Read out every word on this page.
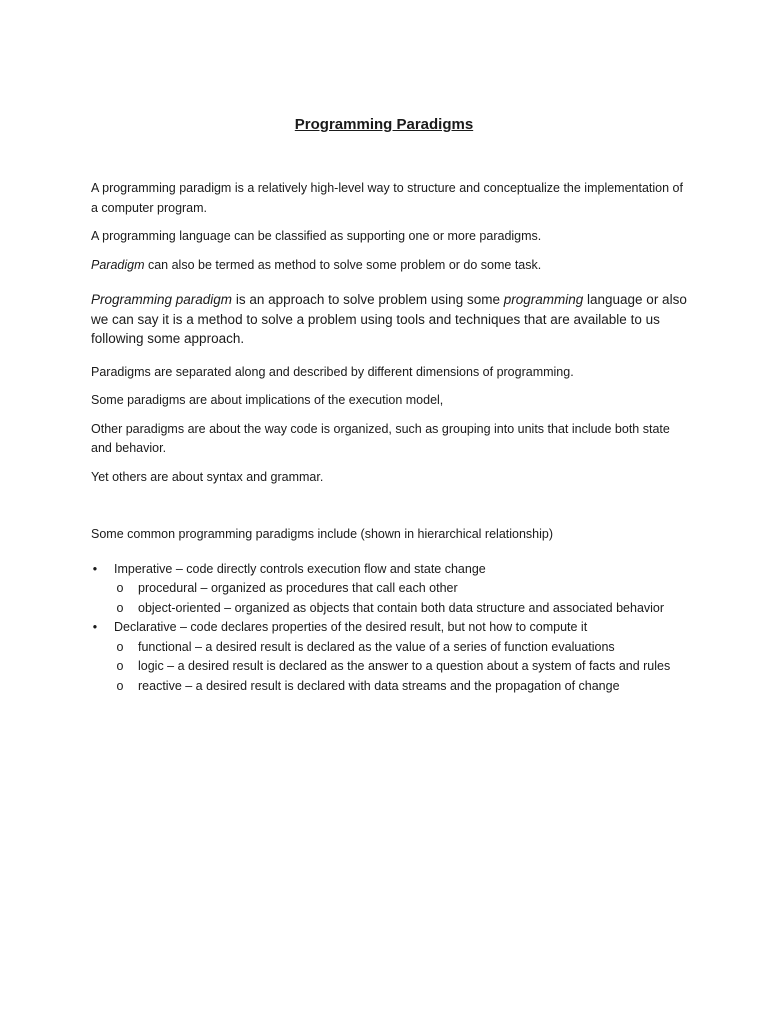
Programming Paradigms

A programming paradigm is a relatively high-level way to structure and conceptualize the implementation of a computer program.

A programming language can be classified as supporting one or more paradigms.

Paradigm can also be termed as method to solve some problem or do some task.

Programming paradigm is an approach to solve problem using some programming language or also we can say it is a method to solve a problem using tools and techniques that are available to us following some approach.

Paradigms are separated along and described by different dimensions of programming.

Some paradigms are about implications of the execution model,

Other paradigms are about the way code is organized, such as grouping into units that include both state and behavior.

Yet others are about syntax and grammar.

Some common programming paradigms include (shown in hierarchical relationship)

• Imperative – code directly controls execution flow and state change
o procedural – organized as procedures that call each other
o object-oriented – organized as objects that contain both data structure and associated behavior
• Declarative – code declares properties of the desired result, but not how to compute it
o functional – a desired result is declared as the value of a series of function evaluations
o logic – a desired result is declared as the answer to a question about a system of facts and rules
o reactive – a desired result is declared with data streams and the propagation of change
